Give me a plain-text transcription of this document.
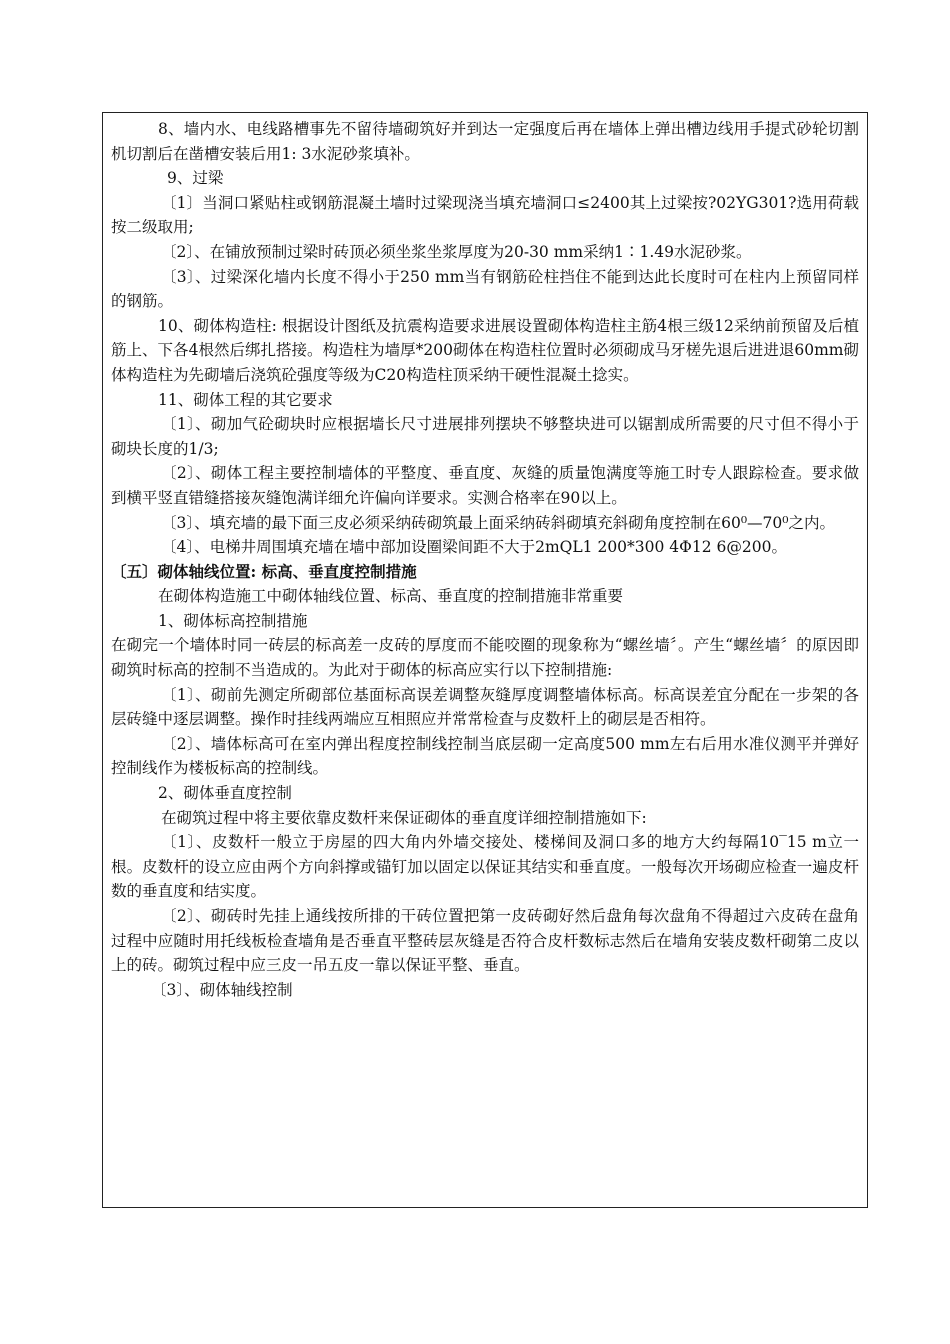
8、墙内水、电线路槽事先不留待墙砌筑好并到达一定强度后再在墙体上弹出槽边线用手提式砂轮切割机切割后在凿槽安装后用1: 3水泥砂浆填补。

9、过梁

〔1〕当洞口紧贴柱或钢筋混凝土墙时过梁现浇当填充墙洞口≤2400其上过梁按?02YG301?选用荷载按二级取用;

〔2〕、在铺放预制过梁时砖顶必须坐浆坐浆厚度为20-30 mm采纳1∶1.49水泥砂浆。

〔3〕、过梁深化墙内长度不得小于250 mm当有钢筋砼柱挡住不能到达此长度时可在柱内上预留同样的钢筋。

10、砌体构造柱: 根据设计图纸及抗震构造要求进展设置砌体构造柱主筋4根三级12采纳前预留及后植筋上、下各4根然后绑扎搭接。构造柱为墙厚*200砌体在构造柱位置时必须砌成马牙槎先退后进进退60mm砌体构造柱为先砌墙后浇筑砼强度等级为C20构造柱顶采纳干硬性混凝土捻实。

11、砌体工程的其它要求

〔1〕、砌加气砼砌块时应根据墙长尺寸进展排列摆块不够整块进可以锯割成所需要的尺寸但不得小于砌块长度的1/3;

〔2〕、砌体工程主要控制墙体的平整度、垂直度、灰缝的质量饱满度等施工时专人跟踪检查。要求做到横平竖直错缝搭接灰缝饱满详细允许偏向详要求。实测合格率在90以上。

〔3〕、填充墙的最下面三皮必须采纳砖砌筑最上面采纳砖斜砌填充斜砌角度控制在60⁰—70⁰之内。

〔4〕、电梯井周围填充墙在墙中部加设圈梁间距不大于2mQL1 200*300 4Φ12 6@200。

〔五〕砌体轴线位置: 标高、垂直度控制措施

在砌体构造施工中砌体轴线位置、标高、垂直度的控制措施非常重要

1、砌体标高控制措施

在砌完一个墙体时同一砖层的标高差一皮砖的厚度而不能咬圈的现象称为“螺丝墙〞。产生“螺丝墙〞的原因即砌筑时标高的控制不当造成的。为此对于砌体的标高应实行以下控制措施:

〔1〕、砌前先测定所砌部位基面标高误差调整灰缝厚度调整墙体标高。标高误差宜分配在一步架的各层砖缝中逐层调整。操作时挂线两端应互相照应并常常检查与皮数杆上的砌层是否相符。

〔2〕、墙体标高可在室内弹出程度控制线控制当底层砌一定高度500 mm左右后用水准仪测平并弹好控制线作为楼板标高的控制线。

2、砌体垂直度控制

在砌筑过程中将主要依靠皮数杆来保证砌体的垂直度详细控制措施如下:

〔1〕、皮数杆一般立于房屋的四大角内外墙交接处、楼梯间及洞口多的地方大约每隔10‾15 m立一根。皮数杆的设立应由两个方向斜撑或锚钉加以固定以保证其结实和垂直度。一般每次开场砌应检查一遍皮杆数的垂直度和结实度。

〔2〕、砌砖时先挂上通线按所排的干砖位置把第一皮砖砌好然后盘角每次盘角不得超过六皮砖在盘角过程中应随时用托线板检查墙角是否垂直平整砖层灰缝是否符合皮杆数标志然后在墙角安装皮数杆砌第二皮以上的砖。砌筑过程中应三皮一吊五皮一靠以保证平整、垂直。

〔3〕、砌体轴线控制
